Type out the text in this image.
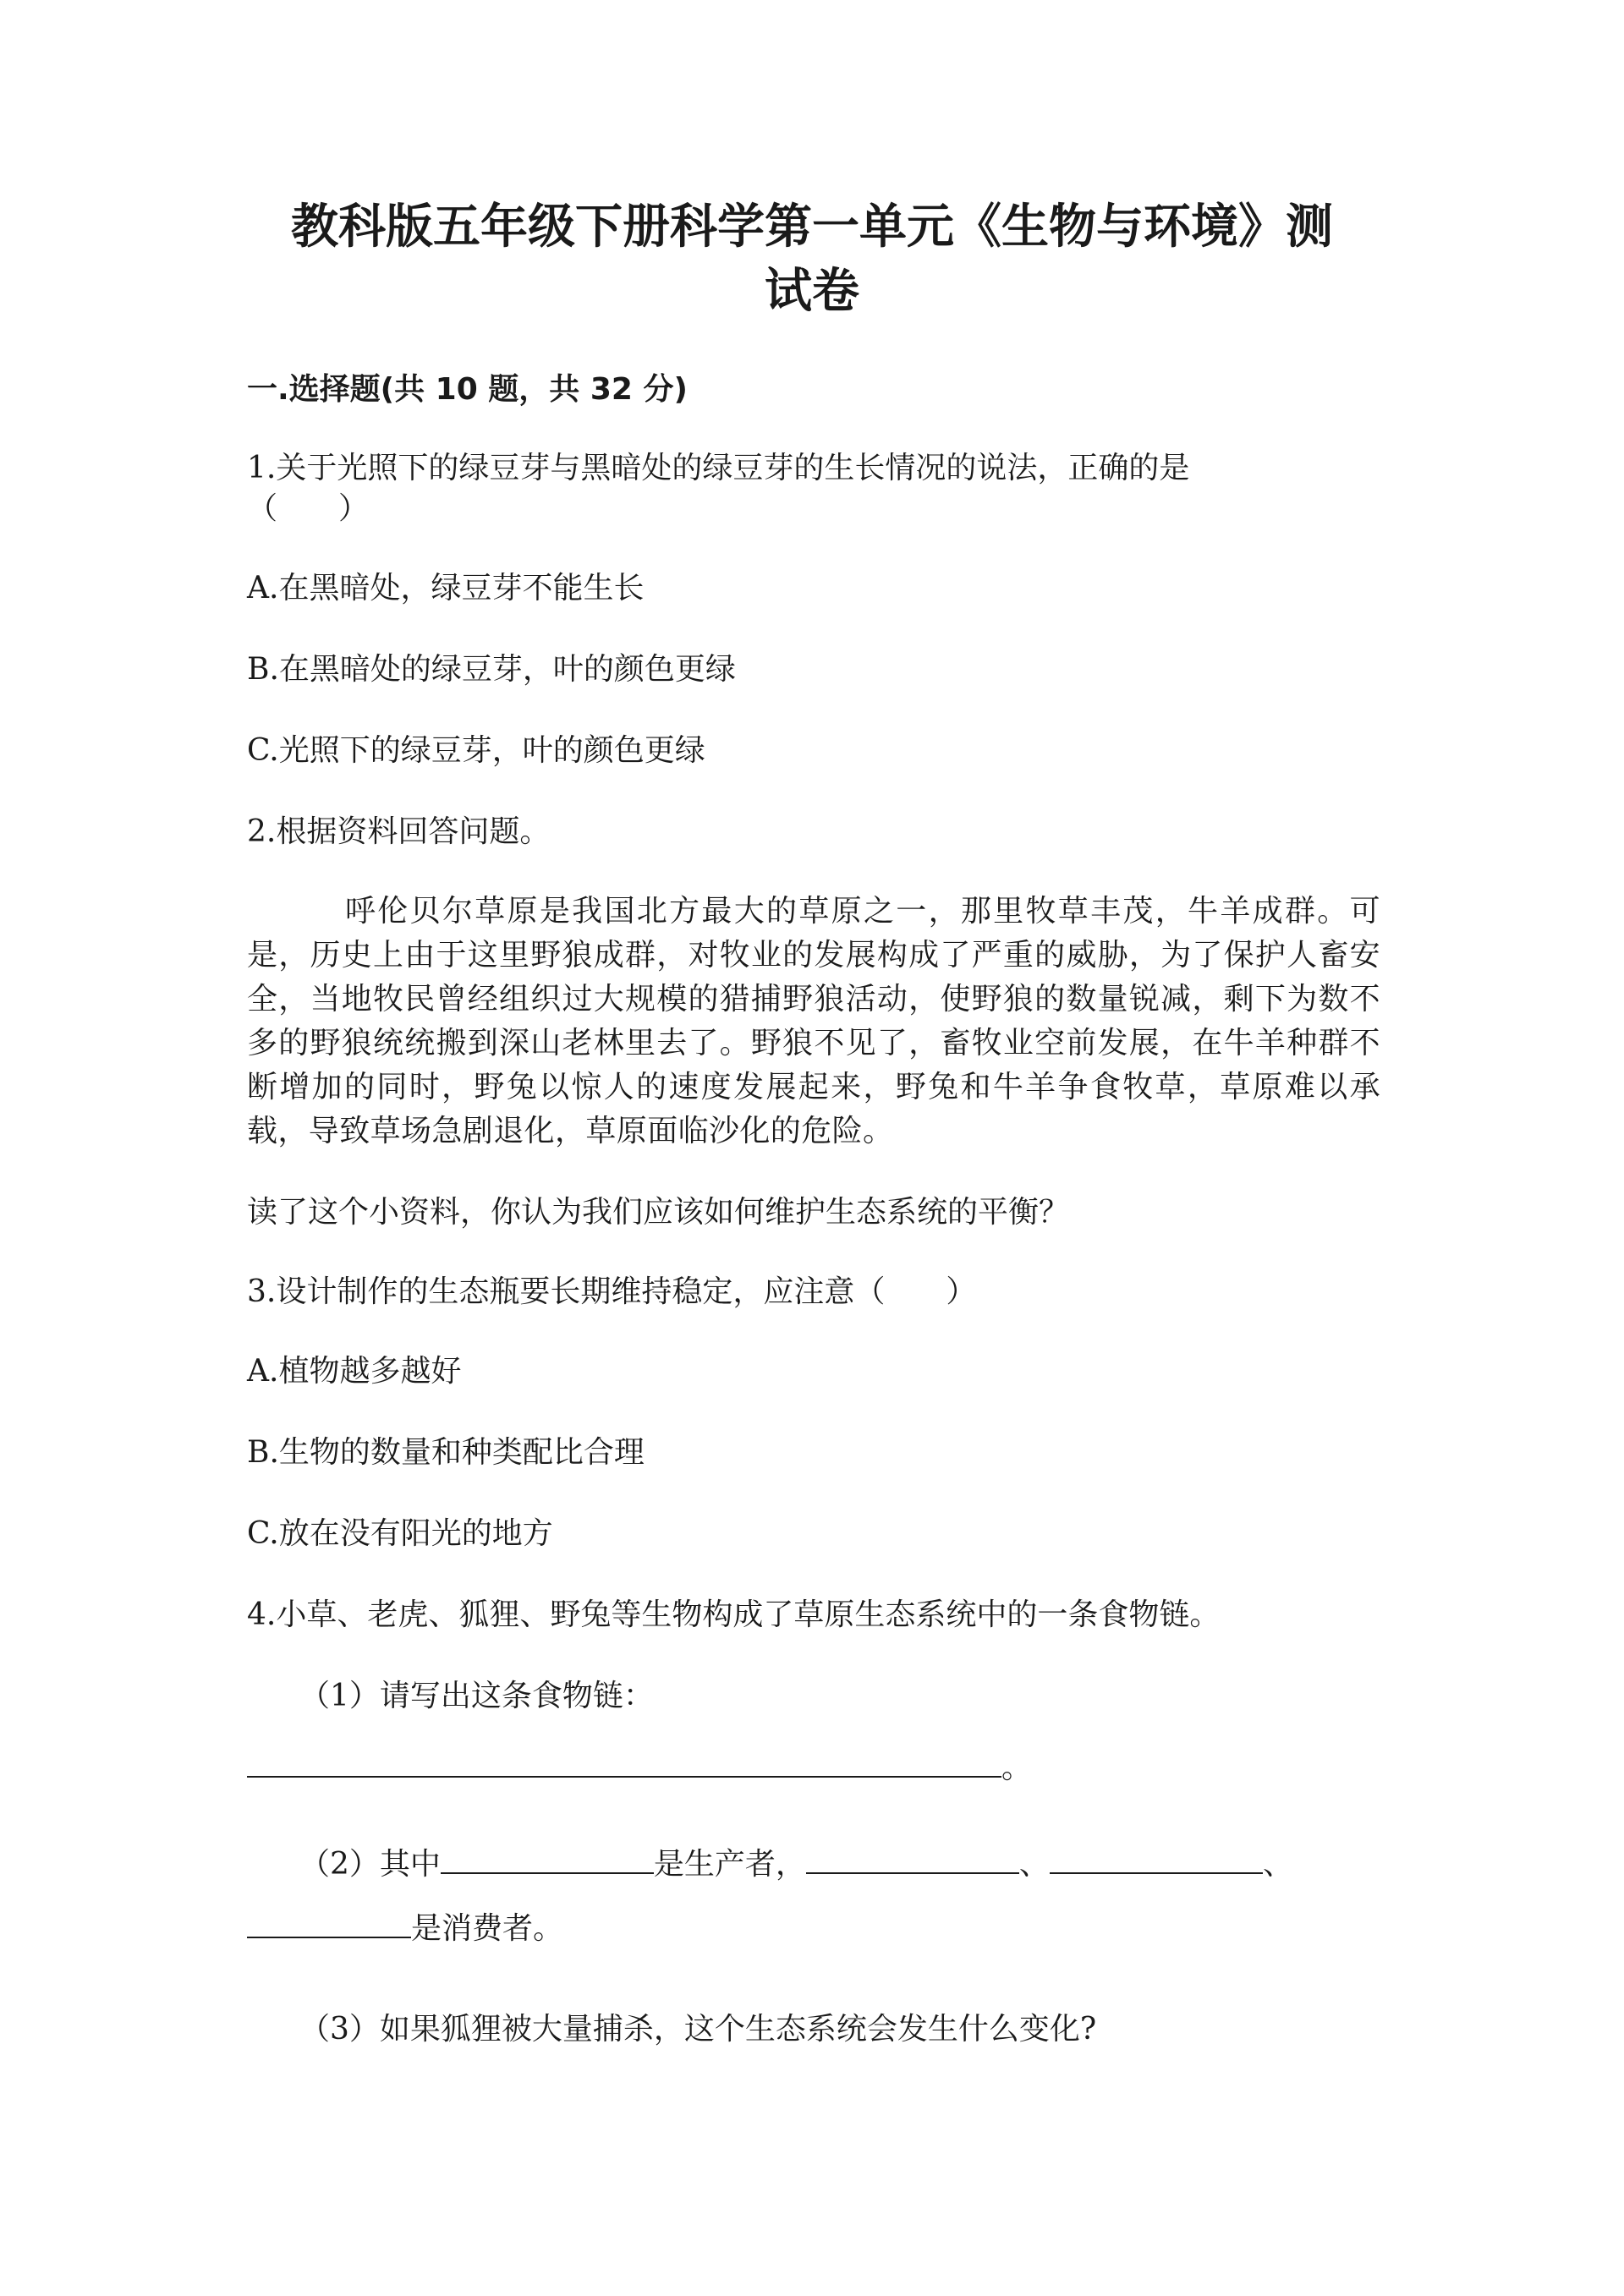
教科版五年级下册科学第一单元《生物与环境》测
试卷

一.选择题(共 10 题，共 32 分)

1.关于光照下的绿豆芽与黑暗处的绿豆芽的生长情况的说法，正确的是

（　　）

A.在黑暗处，绿豆芽不能生长

B.在黑暗处的绿豆芽，叶的颜色更绿

C.光照下的绿豆芽，叶的颜色更绿

2.根据资料回答问题。

呼伦贝尔草原是我国北方最大的草原之一，那里牧草丰茂，牛羊成群。可是，历史上由于这里野狼成群，对牧业的发展构成了严重的威胁，为了保护人畜安全，当地牧民曾经组织过大规模的猎捕野狼活动，使野狼的数量锐减，剩下为数不多的野狼统统搬到深山老林里去了。野狼不见了，畜牧业空前发展，在牛羊种群不断增加的同时，野兔以惊人的速度发展起来，野兔和牛羊争食牧草，草原难以承载，导致草场急剧退化，草原面临沙化的危险。

读了这个小资料，你认为我们应该如何维护生态系统的平衡？

3.设计制作的生态瓶要长期维持稳定，应注意（　　）

A.植物越多越好

B.生物的数量和种类配比合理

C.放在没有阳光的地方

4.小草、老虎、狐狸、野兔等生物构成了草原生态系统中的一条食物链。

（1）请写出这条食物链：

。

（2）其中	是生产者，	、	、

是消费者。

（3）如果狐狸被大量捕杀，这个生态系统会发生什么变化?
